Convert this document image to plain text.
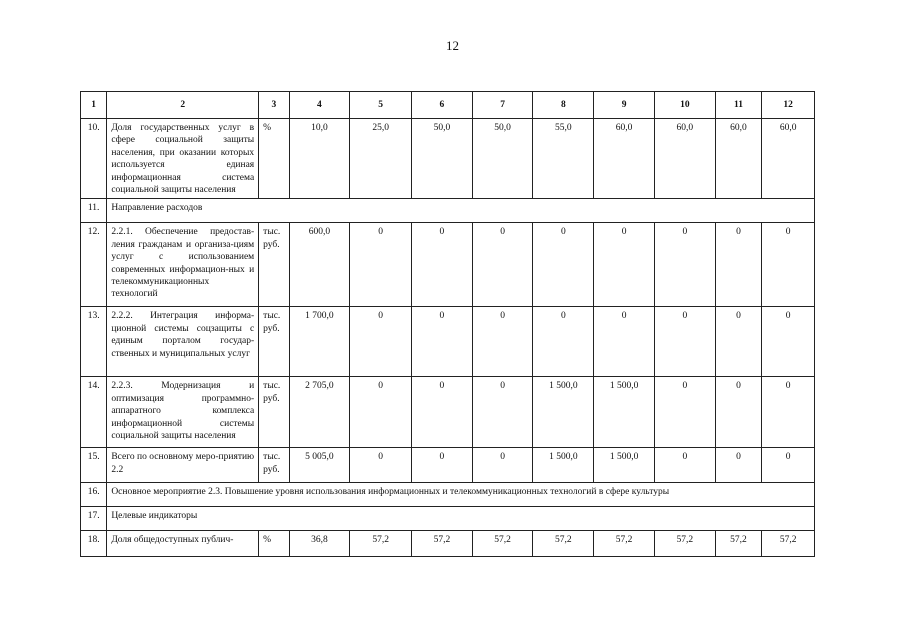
12
1	2	3	4	5	6	7	8	9	10	11	12
10.	Доля государственных услуг в сфере социальной защиты населения, при оказании которых используется единая информационная система социальной защиты населения	%	10,0	25,0	50,0	50,0	55,0	60,0	60,0	60,0	60,0
11.	Направление расходов										
12.	2.2.1. Обеспечение предостав-ления гражданам и организа-циям услуг с использованием современных информацион-ных и телекоммуникационных технологий	тыс. руб.	600,0	0	0	0	0	0	0	0	0
13.	2.2.2. Интеграция информа-ционной системы соцзащиты с единым порталом государ-ственных и муниципальных услуг	тыс. руб.	1 700,0	0	0	0	0	0	0	0	0
14.	2.2.3. Модернизация и оптимизация программно-аппаратного комплекса информационной системы социальной защиты населения	тыс. руб.	2 705,0	0	0	0	1 500,0	1 500,0	0	0	0
15.	Всего по основному меро-приятию 2.2	тыс. руб.	5 005,0	0	0	0	1 500,0	1 500,0	0	0	0
16.	Основное мероприятие 2.3. Повышение уровня использования информационных и телекоммуникационных технологий в сфере культуры										
17.	Целевые индикаторы										
18.	Доля общедоступных публич-	%	36,8	57,2	57,2	57,2	57,2	57,2	57,2	57,2	57,2
